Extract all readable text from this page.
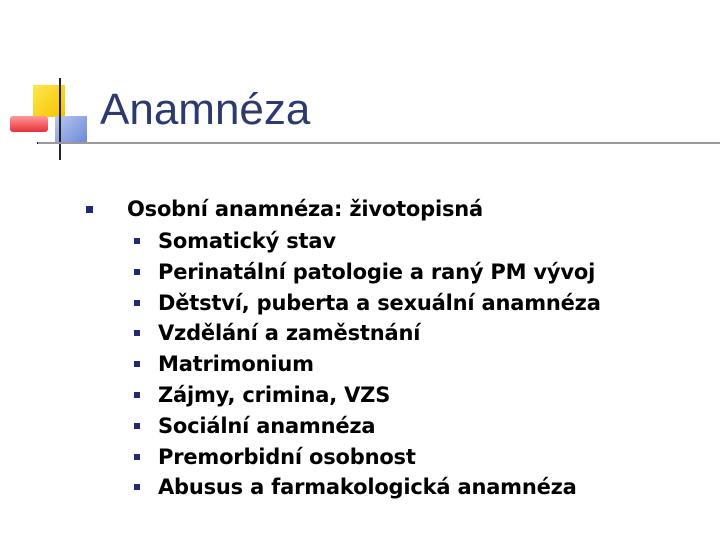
Anamnéza
Osobní anamnéza: životopisná
Somatický stav
Perinatální patologie a raný PM vývoj
Dětství, puberta a sexuální anamnéza
Vzdělání a zaměstnání
Matrimonium
Zájmy, crimina, VZS
Sociální anamnéza
Premorbidní osobnost
Abusus a farmakologická anamnéza
